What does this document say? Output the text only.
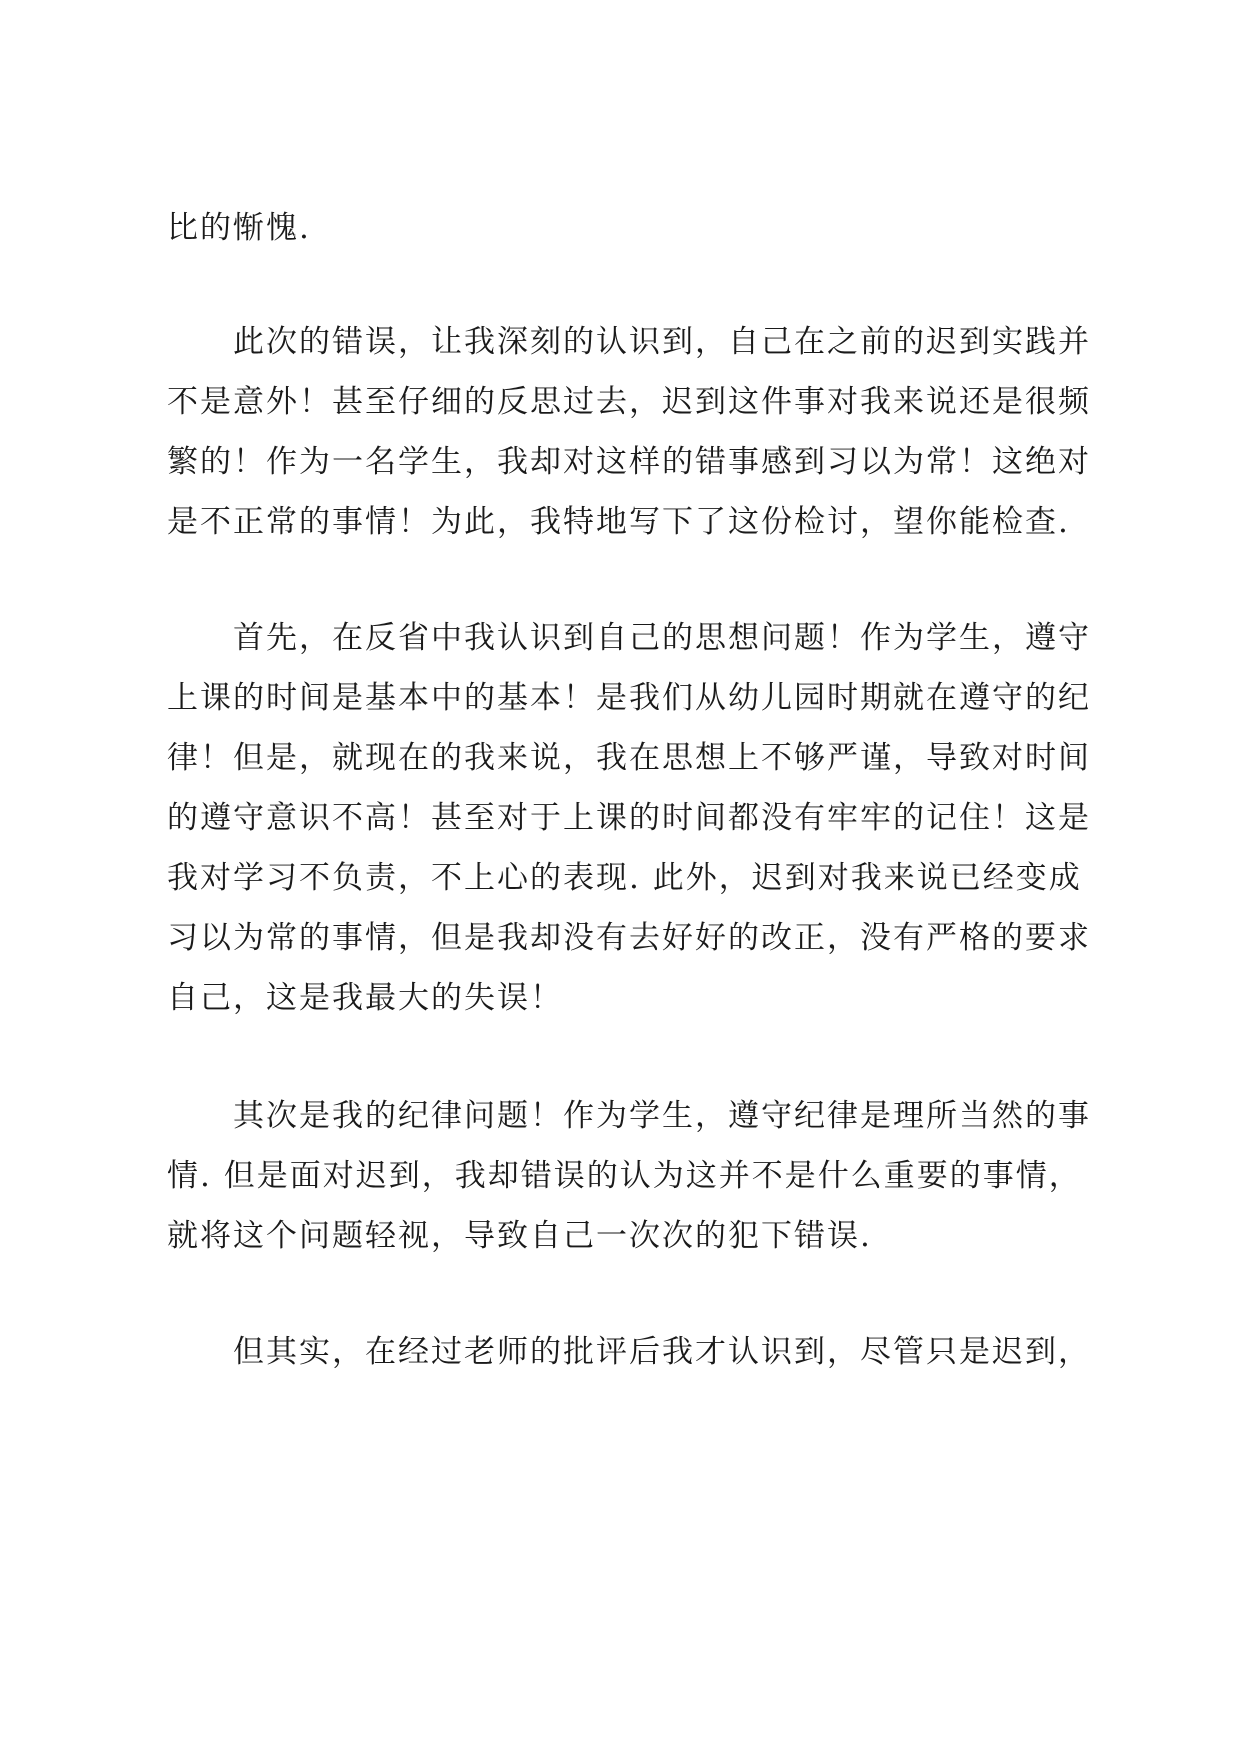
比的惭愧.
此次的错误，让我深刻的认识到，自己在之前的迟到实践并
不是意外！甚至仔细的反思过去，迟到这件事对我来说还是很频
繁的！作为一名学生，我却对这样的错事感到习以为常！这绝对
是不正常的事情！为此，我特地写下了这份检讨，望你能检查.
首先，在反省中我认识到自己的思想问题！作为学生，遵守
上课的时间是基本中的基本！是我们从幼儿园时期就在遵守的纪
律！但是，就现在的我来说，我在思想上不够严谨，导致对时间
的遵守意识不高！甚至对于上课的时间都没有牢牢的记住！这是
我对学习不负责，不上心的表现. 此外，迟到对我来说已经变成
习以为常的事情，但是我却没有去好好的改正，没有严格的要求
自己，这是我最大的失误！
其次是我的纪律问题！作为学生，遵守纪律是理所当然的事
情. 但是面对迟到，我却错误的认为这并不是什么重要的事情，
就将这个问题轻视，导致自己一次次的犯下错误.
但其实，在经过老师的批评后我才认识到，尽管只是迟到，
